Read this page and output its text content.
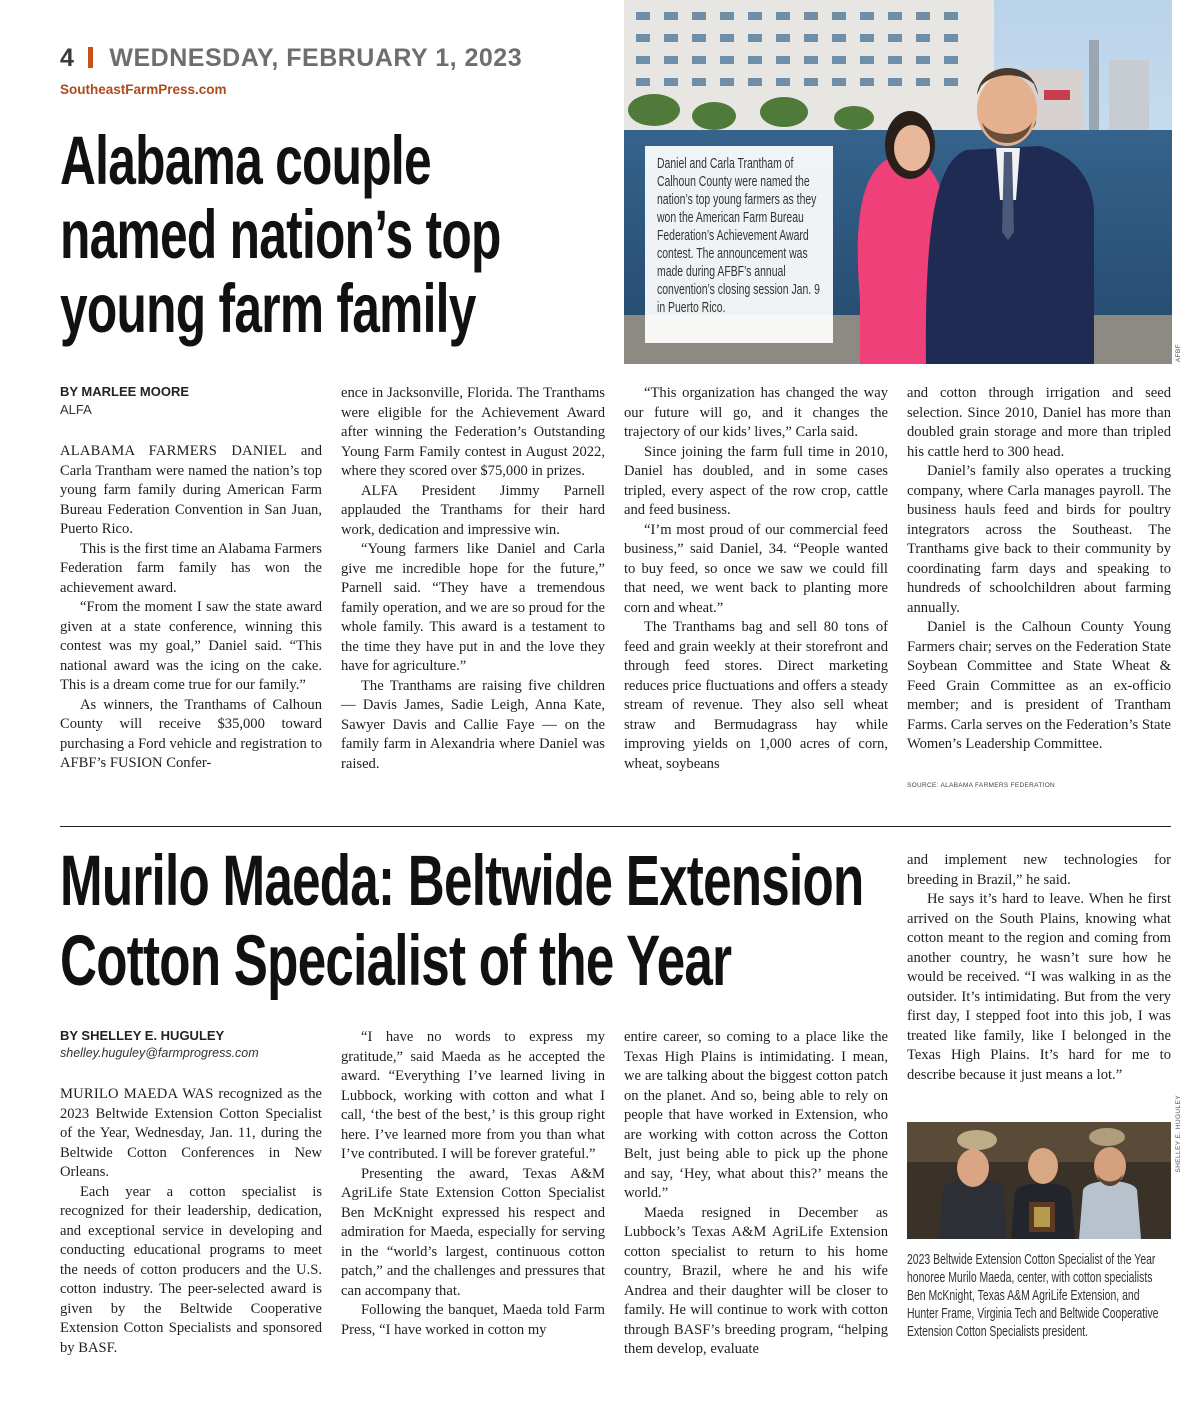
4 WEDNESDAY, FEBRUARY 1, 2023
SoutheastFarmPress.com
Alabama couple named nation’s top young farm family

Daniel and Carla Trantham of Calhoun County were named the nation’s top young farmers as they won the American Farm Bureau Federation’s Achievement Award contest. The announcement was made during AFBF’s annual convention’s closing session Jan. 9 in Puerto Rico.

AFBF
BY MARLEE MOORE
ALFA

ALABAMA FARMERS DANIEL and Carla Trantham were named the nation’s top young farm family during American Farm Bureau Federation Convention in San Juan, Puerto Rico.

This is the first time an Alabama Farmers Federation farm family has won the achievement award.

“From the moment I saw the state award given at a state conference, winning this contest was my goal,” Daniel said. “This national award was the icing on the cake. This is a dream come true for our family.”

As winners, the Tranthams of Calhoun County will receive $35,000 toward purchasing a Ford vehicle and registration to AFBF’s FUSION Confer-

ence in Jacksonville, Florida. The Tranthams were eligible for the Achievement Award after winning the Federation’s Outstanding Young Farm Family contest in August 2022, where they scored over $75,000 in prizes.

ALFA President Jimmy Parnell applauded the Tranthams for their hard work, dedication and impressive win.

“Young farmers like Daniel and Carla give me incredible hope for the future,” Parnell said. “They have a tremendous family operation, and we are so proud for the whole family. This award is a testament to the time they have put in and the love they have for agriculture.”

The Tranthams are raising five children — Davis James, Sadie Leigh, Anna Kate, Sawyer Davis and Callie Faye — on the family farm in Alexandria where Daniel was raised.

“This organization has changed the way our future will go, and it changes the trajectory of our kids’ lives,” Carla said.

Since joining the farm full time in 2010, Daniel has doubled, and in some cases tripled, every aspect of the row crop, cattle and feed business.

“I’m most proud of our commercial feed business,” said Daniel, 34. “People wanted to buy feed, so once we saw we could fill that need, we went back to planting more corn and wheat.”

The Tranthams bag and sell 80 tons of feed and grain weekly at their storefront and through feed stores. Direct marketing reduces price fluctuations and offers a steady stream of revenue. They also sell wheat straw and Bermudagrass hay while improving yields on 1,000 acres of corn, wheat, soybeans

and cotton through irrigation and seed selection. Since 2010, Daniel has more than doubled grain storage and more than tripled his cattle herd to 300 head.

Daniel’s family also operates a trucking company, where Carla manages payroll. The business hauls feed and birds for poultry integrators across the Southeast. The Tranthams give back to their community by coordinating farm days and speaking to hundreds of schoolchildren about farming annually.

Daniel is the Calhoun County Young Farmers chair; serves on the Federation State Soybean Committee and State Wheat & Feed Grain Committee as an ex-officio member; and is president of Trantham Farms. Carla serves on the Federation’s State Women’s Leadership Committee.

SOURCE: ALABAMA FARMERS FEDERATION
Murilo Maeda: Beltwide Extension Cotton Specialist of the Year
BY SHELLEY E. HUGULEY
shelley.huguley@farmprogress.com

MURILO MAEDA WAS recognized as the 2023 Beltwide Extension Cotton Specialist of the Year, Wednesday, Jan. 11, during the Beltwide Cotton Conferences in New Orleans.

Each year a cotton specialist is recognized for their leadership, dedication, and exceptional service in developing and conducting educational programs to meet the needs of cotton producers and the U.S. cotton industry. The peer-selected award is given by the Beltwide Cooperative Extension Cotton Specialists and sponsored by BASF.

“I have no words to express my gratitude,” said Maeda as he accepted the award. “Everything I’ve learned living in Lubbock, working with cotton and what I call, ‘the best of the best,’ is this group right here. I’ve learned more from you than what I’ve contributed. I will be forever grateful.”

Presenting the award, Texas A&M AgriLife State Extension Cotton Specialist Ben McKnight expressed his respect and admiration for Maeda, especially for serving in the “world’s largest, continuous cotton patch,” and the challenges and pressures that can accompany that.

Following the banquet, Maeda told Farm Press, “I have worked in cotton my

entire career, so coming to a place like the Texas High Plains is intimidating. I mean, we are talking about the biggest cotton patch on the planet. And so, being able to rely on people that have worked in Extension, who are working with cotton across the Cotton Belt, just being able to pick up the phone and say, ‘Hey, what about this?’ means the world.”

Maeda resigned in December as Lubbock’s Texas A&M AgriLife Extension cotton specialist to return to his home country, Brazil, where he and his wife Andrea and their daughter will be closer to family. He will continue to work with cotton through BASF’s breeding program, “helping them develop, evaluate

and implement new technologies for breeding in Brazil,” he said.

He says it’s hard to leave. When he first arrived on the South Plains, knowing what cotton meant to the region and coming from another country, he wasn’t sure how he would be received. “I was walking in as the outsider. It’s intimidating. But from the very first day, I stepped foot into this job, I was treated like family, like I belonged in the Texas High Plains. It’s hard for me to describe because it just means a lot.”

SHELLEY E. HUGULEY
2023 Beltwide Extension Cotton Specialist of the Year honoree Murilo Maeda, center, with cotton specialists Ben McKnight, Texas A&M AgriLife Extension, and Hunter Frame, Virginia Tech and Beltwide Cooperative Extension Cotton Specialists president.
